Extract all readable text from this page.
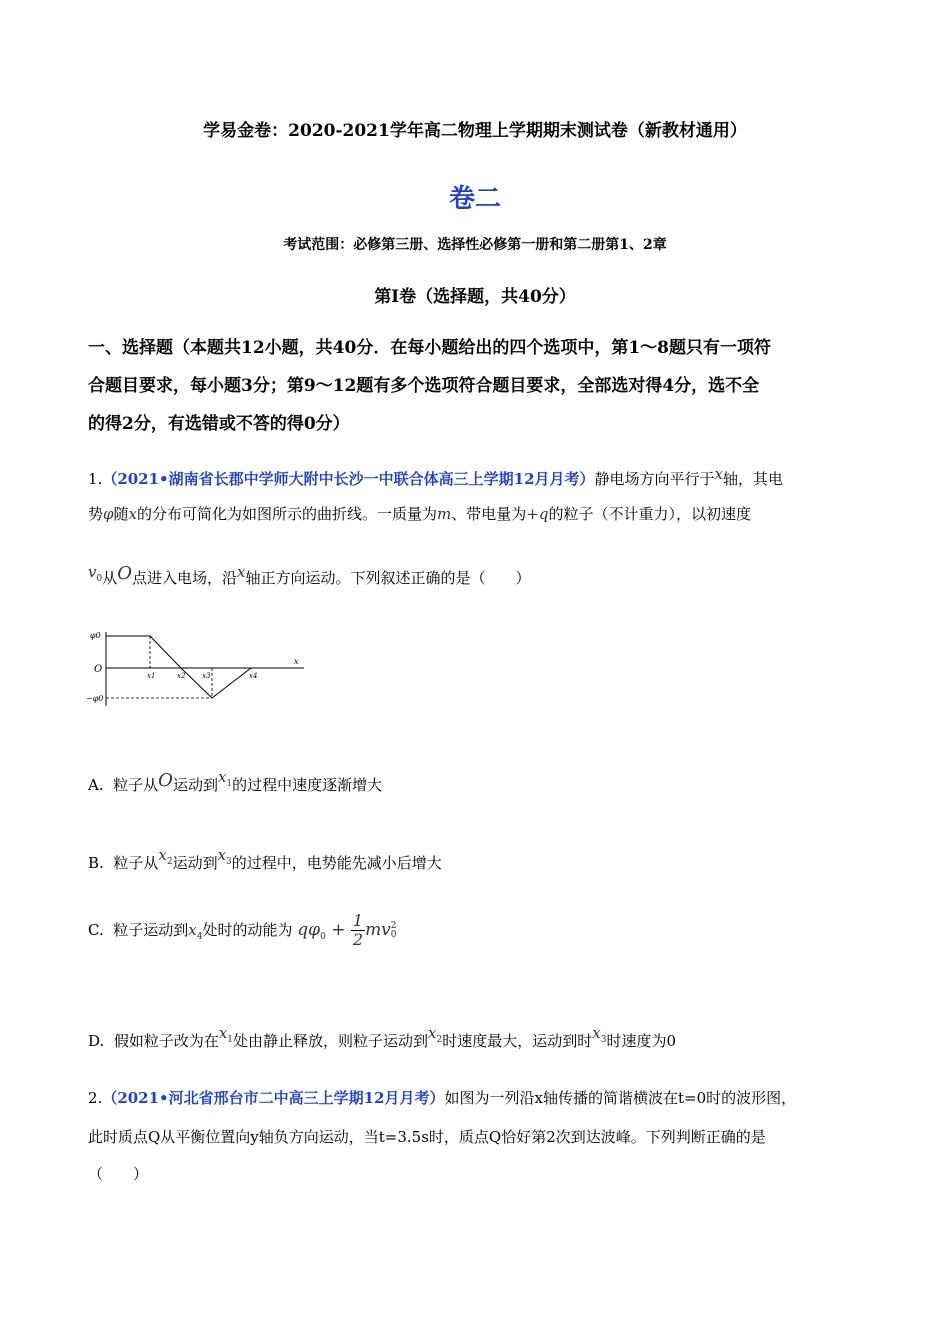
学易金卷：2020-2021学年高二物理上学期期末测试卷（新教材通用）
卷二
考试范围：必修第三册、选择性必修第一册和第二册第1、2章
第Ⅰ卷（选择题，共40分）
一、选择题（本题共12小题，共40分．在每小题给出的四个选项中，第1～8题只有一项符
合题目要求，每小题3分；第9～12题有多个选项符合题目要求，全部选对得4分，选不全
的得2分，有选错或不答的得0分）
1.（2021•湖南省长郡中学师大附中长沙一中联合体高三上学期12月月考）静电场方向平行于x轴，其电
势φ随x的分布可简化为如图所示的曲折线。一质量为m、带电量为+q的粒子（不计重力），以初速度
$v_0$从O点进入电场，沿x轴正方向运动。下列叙述正确的是（　　）
φ0
O
x
−φ0
x1	x2 x3	x4
A. 粒子从O运动到$x_1$的过程中速度逐渐增大
B. 粒子从$x_2$运动到$x_3$的过程中，电势能先减小后增大
C. 粒子运动到$x_4$处时的动能为 $q\varphi_0 + \frac{1}{2}$ mv 2
0
D. 假如粒子改为在$x_1$处由静止释放，则粒子运动到$x_2$时速度最大，运动到时$x_3$时速度为0
2.（2021•河北省邢台市二中高三上学期12月月考）如图为一列沿x轴传播的简谐横波在t=0时的波形图，
此时质点Q从平衡位置向y轴负方向运动，当t=3.5s时，质点Q恰好第2次到达波峰。下列判断正确的是
（　　）
